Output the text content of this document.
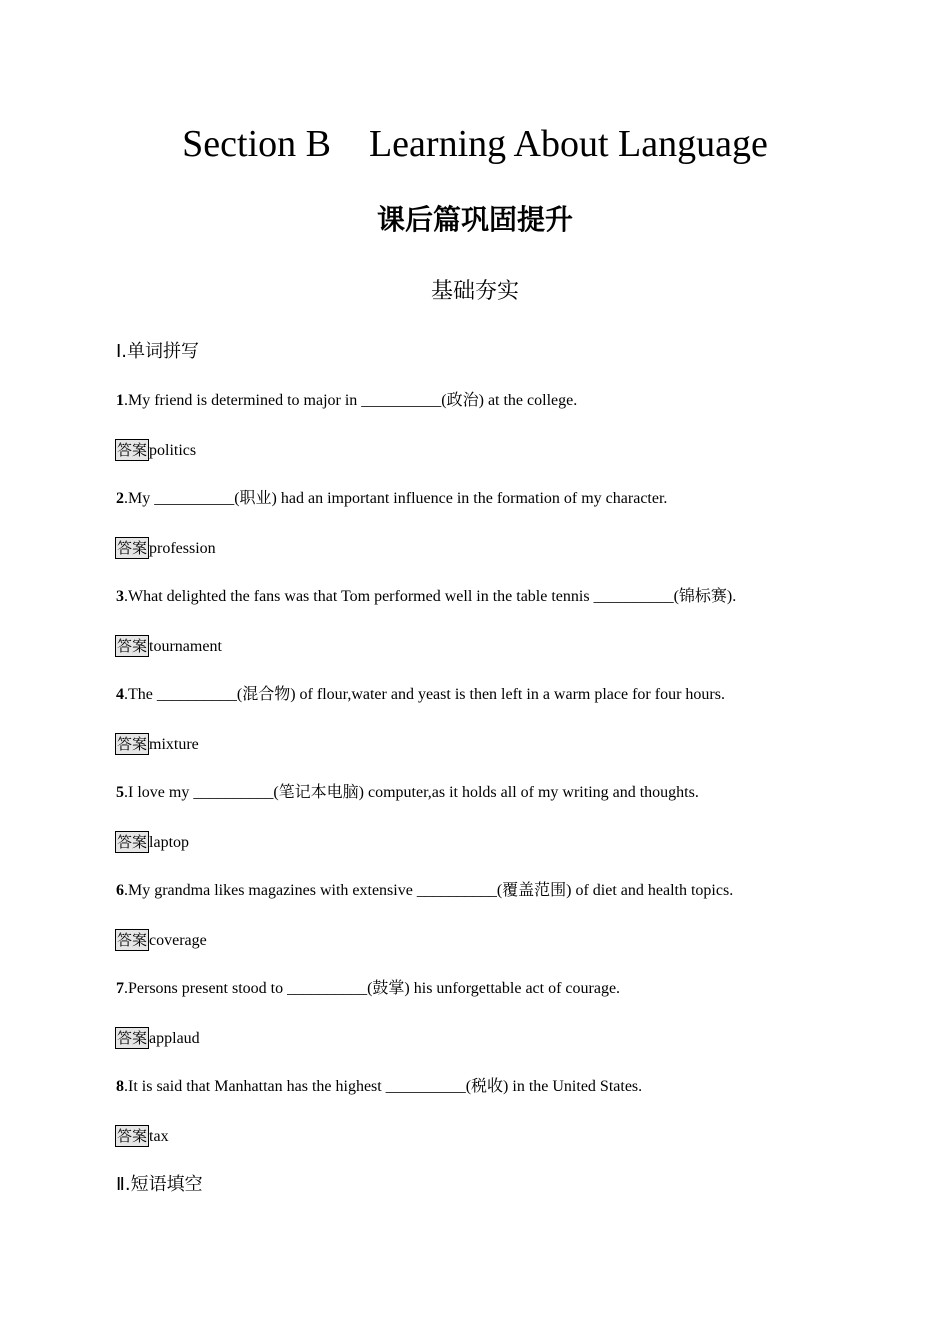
Section B    Learning About Language
课后篇巩固提升
基础夯实
Ⅰ.单词拼写
1.My friend is determined to major in __________(政治) at the college.
答案 politics
2.My __________(职业) had an important influence in the formation of my character.
答案 profession
3.What delighted the fans was that Tom performed well in the table tennis __________(锦标赛).
答案 tournament
4.The __________(混合物) of flour,water and yeast is then left in a warm place for four hours.
答案 mixture
5.I love my __________(笔记本电脑) computer,as it holds all of my writing and thoughts.
答案 laptop
6.My grandma likes magazines with extensive __________(覆盖范围) of diet and health topics.
答案 coverage
7.Persons present stood to __________(鼓掌) his unforgettable act of courage.
答案 applaud
8.It is said that Manhattan has the highest __________(税收) in the United States.
答案 tax
Ⅱ.短语填空
